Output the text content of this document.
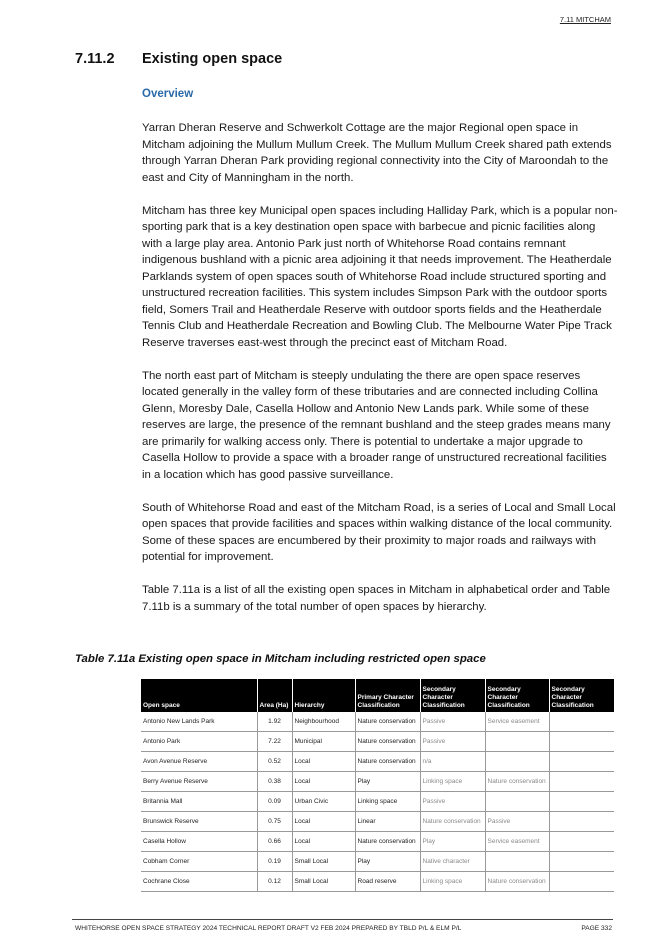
7.11 MITCHAM
7.11.2 Existing open space
Overview

Yarran Dheran Reserve and Schwerkolt Cottage are the major Regional open space in Mitcham adjoining the Mullum Mullum Creek. The Mullum Mullum Creek shared path extends through Yarran Dheran Park providing regional connectivity into the City of Maroondah to the east and City of Manningham in the north.

Mitcham has three key Municipal open spaces including Halliday Park, which is a popular non-sporting park that is a key destination open space with barbecue and picnic facilities along with a large play area. Antonio Park just north of Whitehorse Road contains remnant indigenous bushland with a picnic area adjoining it that needs improvement. The Heatherdale Parklands system of open spaces south of Whitehorse Road include structured sporting and unstructured recreation facilities. This system includes Simpson Park with the outdoor sports field, Somers Trail and Heatherdale Reserve with outdoor sports fields and the Heatherdale Tennis Club and Heatherdale Recreation and Bowling Club. The Melbourne Water Pipe Track Reserve traverses east-west through the precinct east of Mitcham Road.

The north east part of Mitcham is steeply undulating the there are open space reserves located generally in the valley form of these tributaries and are connected including Collina Glenn, Moresby Dale, Casella Hollow and Antonio New Lands park. While some of these reserves are large, the presence of the remnant bushland and the steep grades means many are primarily for walking access only. There is potential to undertake a major upgrade to Casella Hollow to provide a space with a broader range of unstructured recreational facilities in a location which has good passive surveillance.

South of Whitehorse Road and east of the Mitcham Road, is a series of Local and Small Local open spaces that provide facilities and spaces within walking distance of the local community. Some of these spaces are encumbered by their proximity to major roads and railways with potential for improvement.

Table 7.11a is a list of all the existing open spaces in Mitcham in alphabetical order and Table 7.11b is a summary of the total number of open spaces by hierarchy.

Table 7.11a Existing open space in Mitcham including restricted open space
Open space	Area (Ha)	Hierarchy	Primary Character Classification	Secondary Character Classification	Secondary Character Classification	Secondary Character Classification
Antonio New Lands Park	1.92	Neighbourhood	Nature conservation	Passive	Service easement	
Antonio Park	7.22	Municipal	Nature conservation	Passive		
Avon Avenue Reserve	0.52	Local	Nature conservation	n/a		
Berry Avenue Reserve	0.38	Local	Play	Linking space	Nature conservation	
Britannia Mall	0.09	Urban Civic	Linking space	Passive		
Brunswick Reserve	0.75	Local	Linear	Nature conservation	Passive	
Casella Hollow	0.66	Local	Nature conservation	Play	Service easement	
Cobham Corner	0.19	Small Local	Play	Native character		
Cochrane Close	0.12	Small Local	Road reserve	Linking space	Nature conservation	
WHITEHORSE OPEN SPACE STRATEGY 2024 TECHNICAL REPORT DRAFT V2 FEB 2024 PREPARED BY TBLD P/L & ELM P/L	PAGE 332
